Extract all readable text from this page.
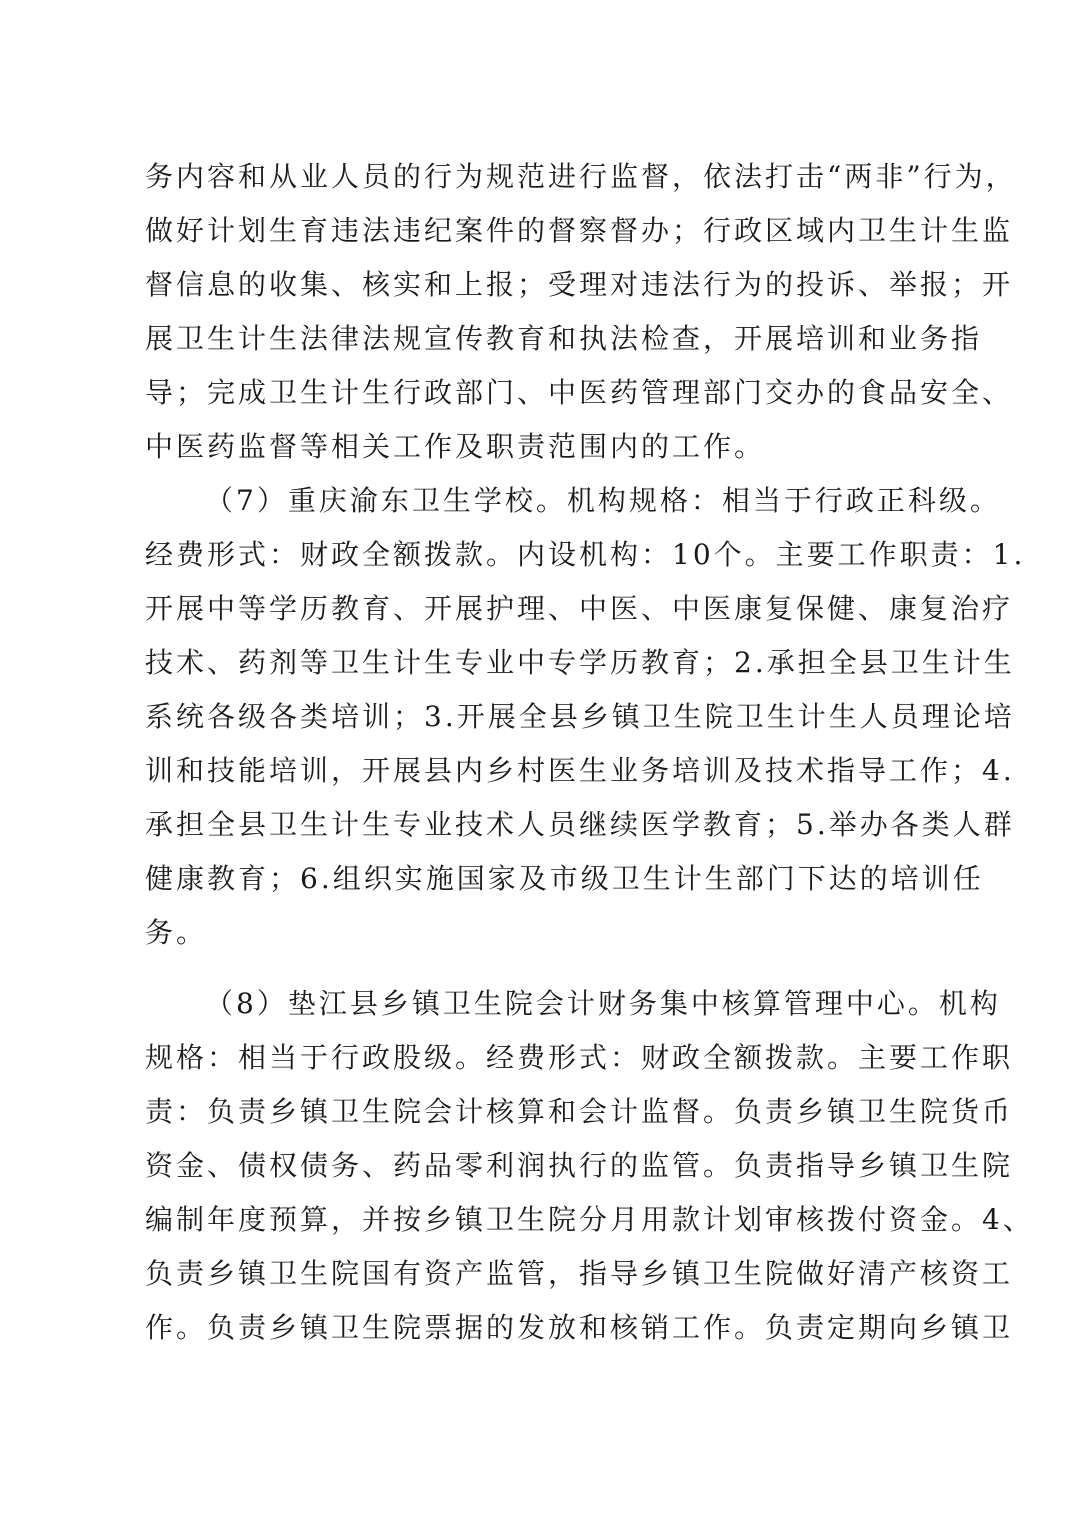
务内容和从业人员的行为规范进行监督，依法打击“两非”行为，
做好计划生育违法违纪案件的督察督办；行政区域内卫生计生监
督信息的收集、核实和上报；受理对违法行为的投诉、举报；开
展卫生计生法律法规宣传教育和执法检查，开展培训和业务指
导；完成卫生计生行政部门、中医药管理部门交办的食品安全、
中医药监督等相关工作及职责范围内的工作。
（7）重庆渝东卫生学校。机构规格：相当于行政正科级。
经费形式：财政全额拨款。内设机构：10个。主要工作职责：1.
开展中等学历教育、开展护理、中医、中医康复保健、康复治疗
技术、药剂等卫生计生专业中专学历教育；2.承担全县卫生计生
系统各级各类培训；3.开展全县乡镇卫生院卫生计生人员理论培
训和技能培训，开展县内乡村医生业务培训及技术指导工作；4.
承担全县卫生计生专业技术人员继续医学教育；5.举办各类人群
健康教育；6.组织实施国家及市级卫生计生部门下达的培训任
务。
（8）垫江县乡镇卫生院会计财务集中核算管理中心。机构
规格：相当于行政股级。经费形式：财政全额拨款。主要工作职
责：负责乡镇卫生院会计核算和会计监督。负责乡镇卫生院货币
资金、债权债务、药品零利润执行的监管。负责指导乡镇卫生院
编制年度预算，并按乡镇卫生院分月用款计划审核拨付资金。4、
负责乡镇卫生院国有资产监管，指导乡镇卫生院做好清产核资工
作。负责乡镇卫生院票据的发放和核销工作。负责定期向乡镇卫
